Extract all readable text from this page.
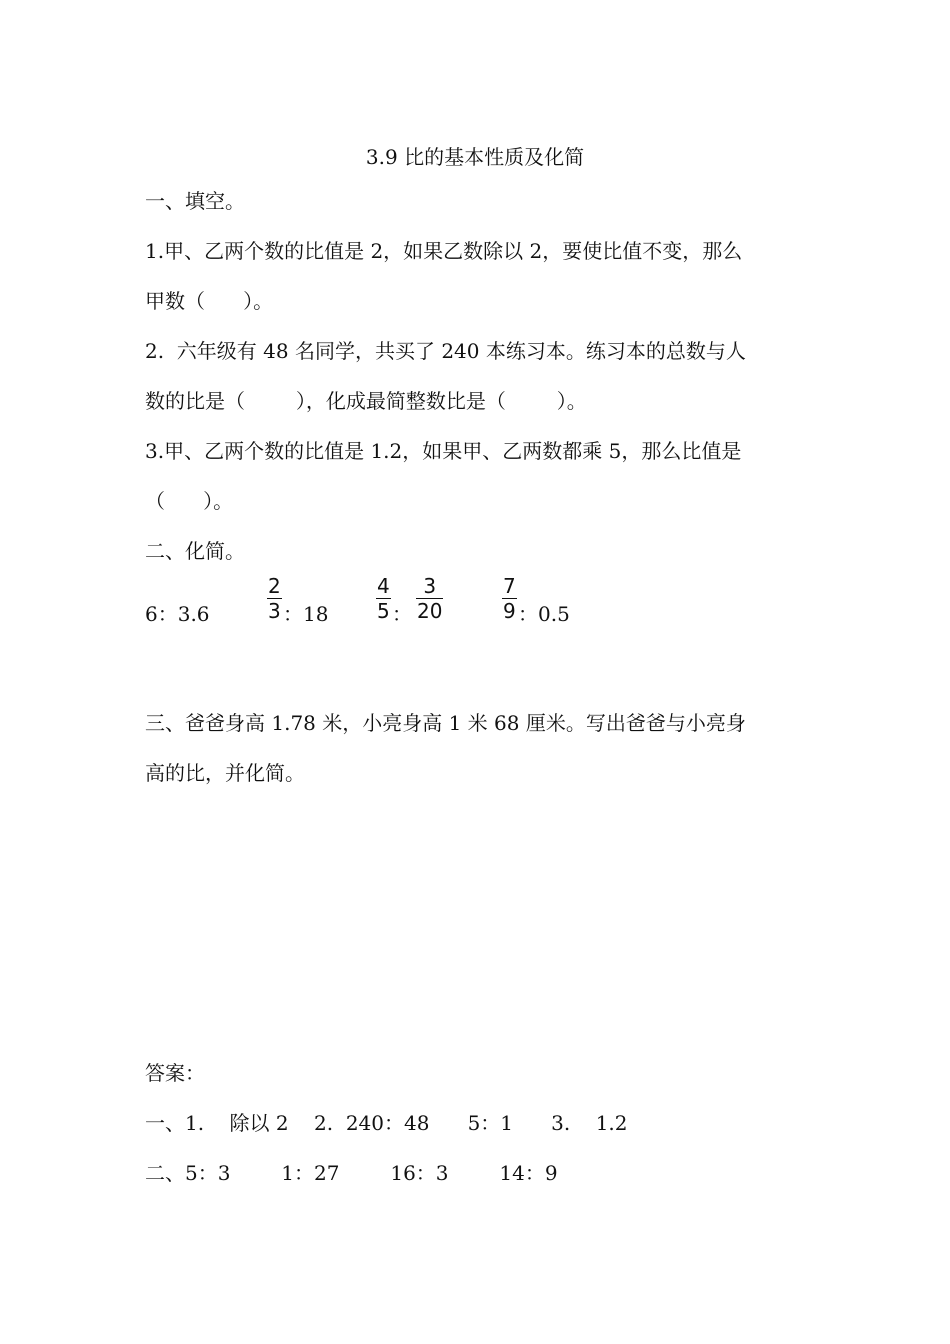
3.9 比的基本性质及化简
一、填空。
1.甲、乙两个数的比值是 2，如果乙数除以 2，要使比值不变，那么
甲数（      ）。
2.  六年级有 48 名同学，共买了 240 本练习本。练习本的总数与人
数的比是（        ），化成最简整数比是（        ）。
3.甲、乙两个数的比值是 1.2，如果甲、乙两数都乘 5，那么比值是
（      ）。
二、化简。
6：3.6
2
3 ：18
4
5 ：
3
20
7
9 ：0.5
三、爸爸身高 1.78 米，小亮身高 1 米 68 厘米。写出爸爸与小亮身
高的比，并化简。
答案：
一、1.    除以 2    2.  240：48      5：1      3.    1.2
二、5：3        1：27        16：3        14：9
